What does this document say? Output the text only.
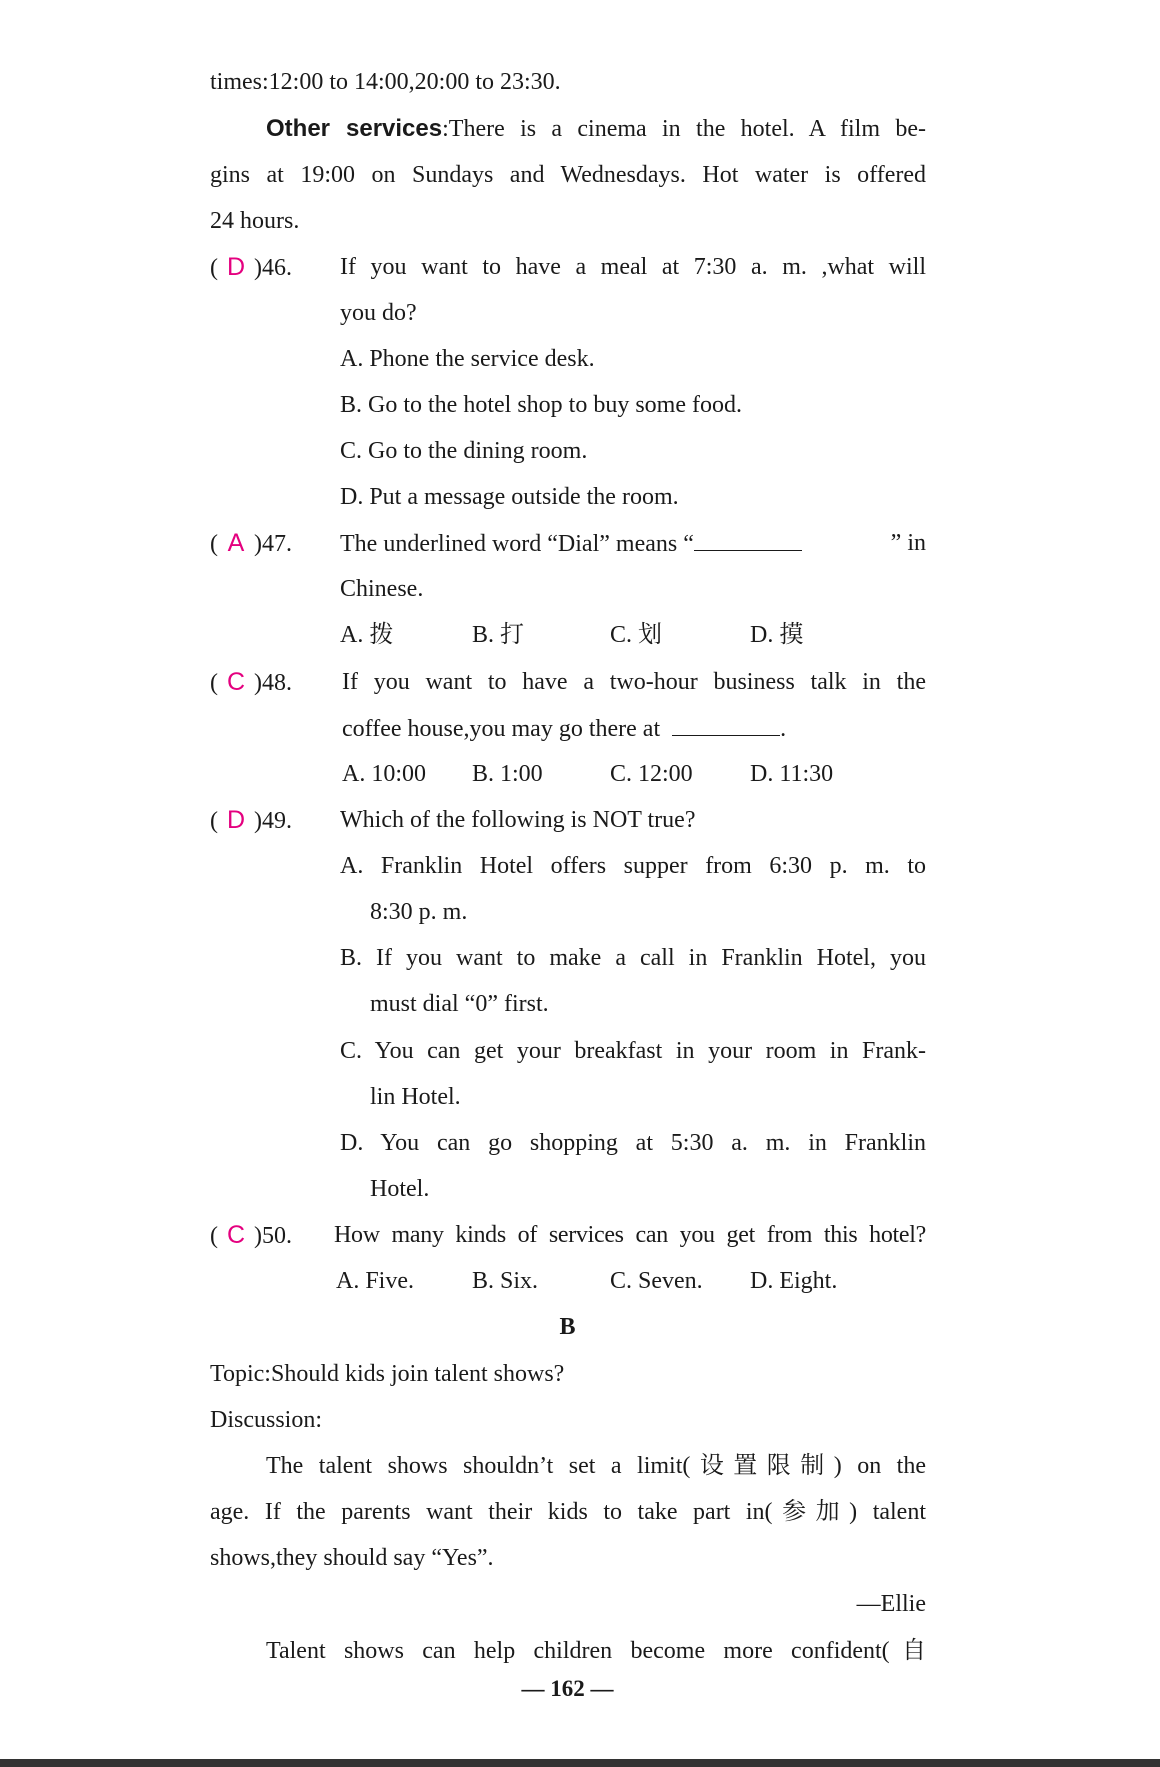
times:12:00 to 14:00,20:00 to 23:30.
Other services:There is a cinema in the hotel. A film be-
gins at 19:00 on Sundays and Wednesdays. Hot water is offered
24 hours.
( D )46.	If you want to have a meal at 7:30 a. m. ,what will
you do?
A. Phone the service desk.
B. Go to the hotel shop to buy some food.
C. Go to the dining room.
D. Put a message outside the room.
( A )47. The underlined word “Dial” means “	” in
Chinese.
A. 拨	B. 打	C. 划	D. 摸
( C )48. If you want to have a two-hour business talk in the
coffee house,you may go there at	.
A. 10:00 B. 1:00	C. 12:00 D. 11:30
( D )49. Which of the following is NOT true?
A. Franklin Hotel offers supper from 6:30 p. m. to
8:30 p. m.
B. If you want to make a call in Franklin Hotel, you
must dial “0” first.
C. You can get your breakfast in your room in Frank-
lin Hotel.
D. You can go shopping at 5:30 a. m. in Franklin
Hotel.
( C )50. How many kinds of services can you get from this hotel?
A. Five. B. Six.	C. Seven. D. Eight.
B
Topic:Should kids join talent shows?
Discussion:
The talent shows shouldn’t set a limit(设置限制) on the
age. If the parents want their kids to take part in(参加) talent
shows,they should say “Yes”.
—Ellie
Talent shows can help children become more confident(自
— 162 —
